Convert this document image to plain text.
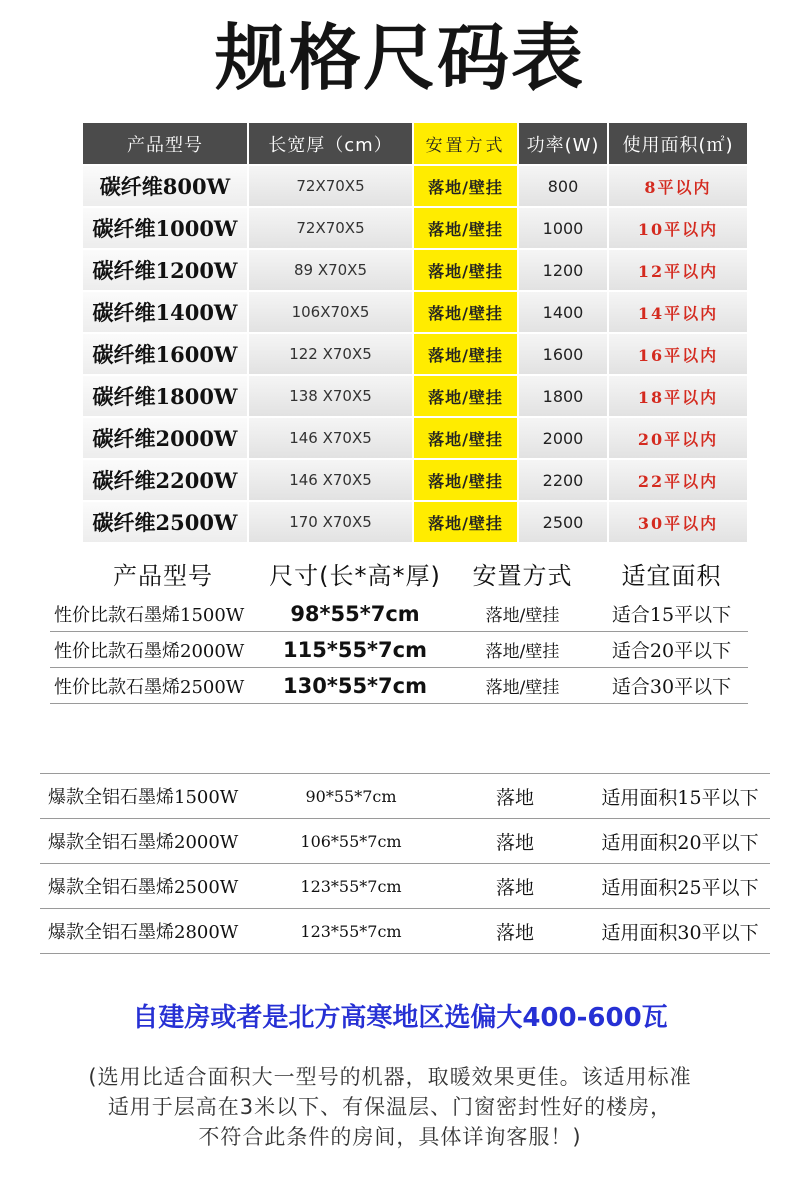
规格尺码表
产品型号	长宽厚（cm）	安置方式	功率(W)	使用面积(㎡)
碳纤维800W	72X70X5	落地/壁挂	800	8平以内
碳纤维1000W	72X70X5	落地/壁挂	1000	10平以内
碳纤维1200W	89 X70X5	落地/壁挂	1200	12平以内
碳纤维1400W	106X70X5	落地/壁挂	1400	14平以内
碳纤维1600W	122 X70X5	落地/壁挂	1600	16平以内
碳纤维1800W	138 X70X5	落地/壁挂	1800	18平以内
碳纤维2000W	146 X70X5	落地/壁挂	2000	20平以内
碳纤维2200W	146 X70X5	落地/壁挂	2200	22平以内
碳纤维2500W	170 X70X5	落地/壁挂	2500	30平以内
产品型号	尺寸(长*高*厚)	安置方式	适宜面积
性价比款石墨烯1500W	98*55*7cm	落地/壁挂	适合15平以下
性价比款石墨烯2000W	115*55*7cm	落地/壁挂	适合20平以下
性价比款石墨烯2500W	130*55*7cm	落地/壁挂	适合30平以下
爆款全铝石墨烯1500W	90*55*7cm	落地	适用面积15平以下
爆款全铝石墨烯2000W	106*55*7cm	落地	适用面积20平以下
爆款全铝石墨烯2500W	123*55*7cm	落地	适用面积25平以下
爆款全铝石墨烯2800W	123*55*7cm	落地	适用面积30平以下
自建房或者是北方高寒地区选偏大400-600瓦
(选用比适合面积大一型号的机器，取暖效果更佳。该适用标准
适用于层高在3米以下、有保温层、门窗密封性好的楼房，
不符合此条件的房间，具体详询客服！)
